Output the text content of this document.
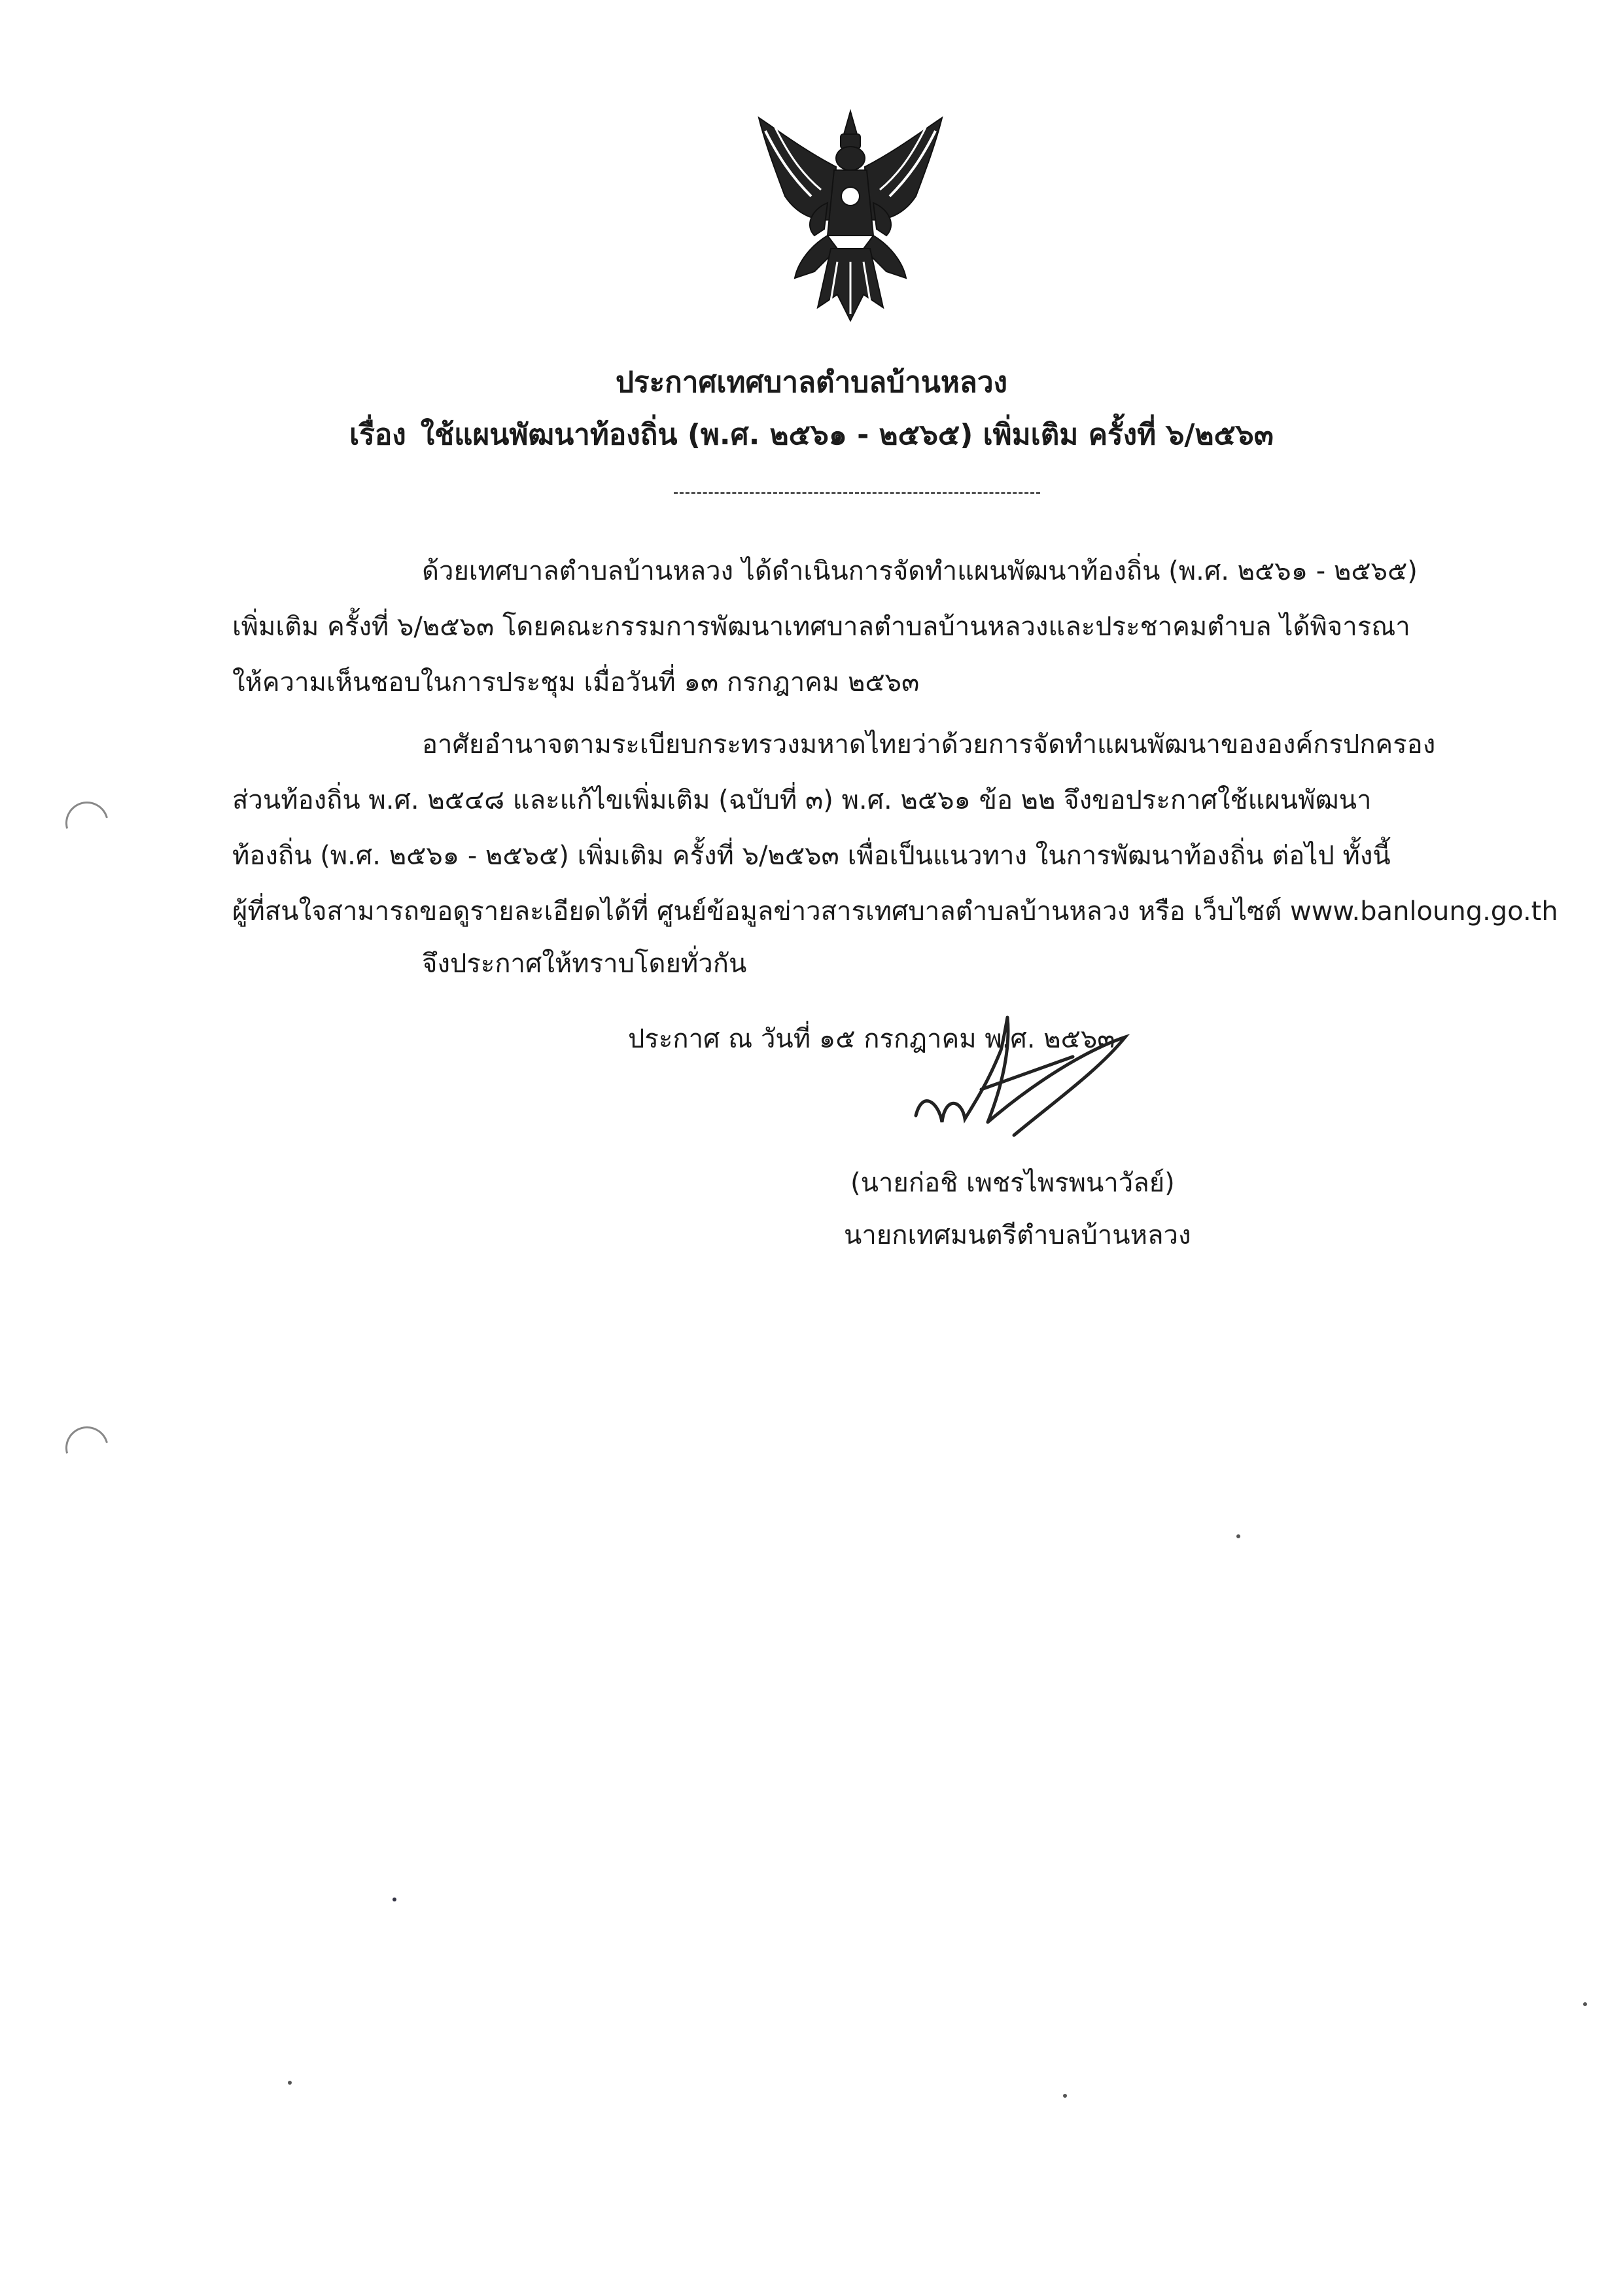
ประกาศเทศบาลตำบลบ้านหลวง
เรื่อง ใช้แผนพัฒนาท้องถิ่น (พ.ศ. ๒๕๖๑ - ๒๕๖๕) เพิ่มเติม ครั้งที่ ๖/๒๕๖๓
ด้วยเทศบาลตำบลบ้านหลวง ได้ดำเนินการจัดทำแผนพัฒนาท้องถิ่น (พ.ศ. ๒๕๖๑ - ๒๕๖๕)
เพิ่มเติม ครั้งที่ ๖/๒๕๖๓ โดยคณะกรรมการพัฒนาเทศบาลตำบลบ้านหลวงและประชาคมตำบล ได้พิจารณา
ให้ความเห็นชอบในการประชุม เมื่อวันที่ ๑๓ กรกฎาคม ๒๕๖๓
อาศัยอำนาจตามระเบียบกระทรวงมหาดไทยว่าด้วยการจัดทำแผนพัฒนาขององค์กรปกครอง
ส่วนท้องถิ่น พ.ศ. ๒๕๔๘ และแก้ไขเพิ่มเติม (ฉบับที่ ๓) พ.ศ. ๒๕๖๑ ข้อ ๒๒ จึงขอประกาศใช้แผนพัฒนา
ท้องถิ่น (พ.ศ. ๒๕๖๑ - ๒๕๖๕) เพิ่มเติม ครั้งที่ ๖/๒๕๖๓ เพื่อเป็นแนวทาง ในการพัฒนาท้องถิ่น ต่อไป ทั้งนี้
ผู้ที่สนใจสามารถขอดูรายละเอียดได้ที่ ศูนย์ข้อมูลข่าวสารเทศบาลตำบลบ้านหลวง หรือ เว็บไซต์ www.banloung.go.th
จึงประกาศให้ทราบโดยทั่วกัน
ประกาศ ณ วันที่ ๑๕ กรกฎาคม พ.ศ. ๒๕๖๓
(นายก่อชิ เพชรไพรพนาวัลย์)
นายกเทศมนตรีตำบลบ้านหลวง
